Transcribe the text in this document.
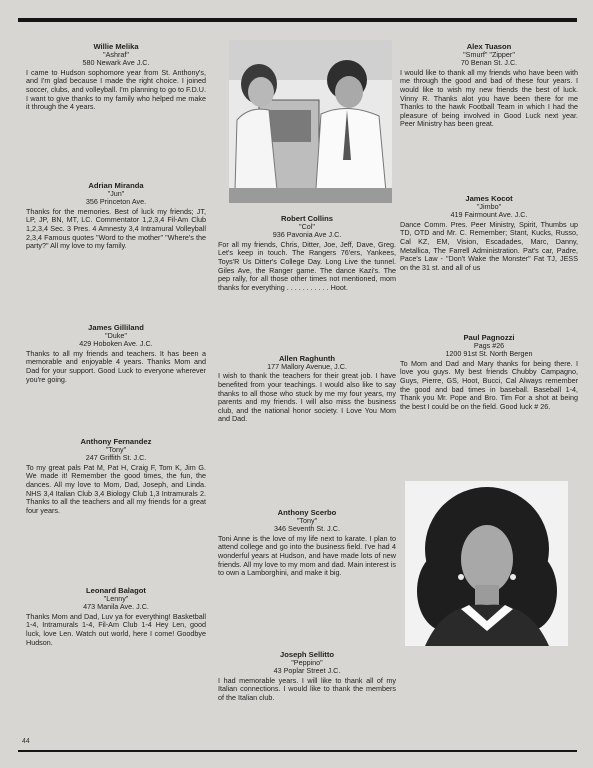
Willie Melika
"Ashraf"
580 Newark Ave J.C.
I came to Hudson sophomore year from St. Anthony's, and I'm glad because I made the right choice. I joined soccer, clubs, and volleyball. I'm planning to go to F.D.U. I want to give thanks to my family who helped me make it through the 4 years.
Adrian Miranda
"Jun"
356 Princeton Ave.
Thanks for the memories. Best of luck my friends; JT, LP, JP, BN, MT, LC. Commentator 1,2,3,4 Fil-Am Club 1,2,3,4 Sec. 3 Pres. 4 Amnesty 3,4 Intramural Volleyball 2,3,4 Famous quotes "Word to the mother" "Where's the party?" All my love to my family.
James Gilliland
"Duke"
429 Hoboken Ave. J.C.
Thanks to all my friends and teachers. It has been a memorable and enjoyable 4 years. Thanks Mom and Dad for your support. Good Luck to everyone wherever you're going.
Anthony Fernandez
"Tony"
247 Griffith St. J.C.
To my great pals Pat M, Pat H, Craig F, Tom K, Jim G. We made it! Remember the good times, the fun, the dances. All my love to Mom, Dad, Joseph, and Linda. NHS 3,4 Italian Club 3,4 Biology Club 1,3 Intramurals 2. Thanks to all the teachers and all my friends for a great four years.
Leonard Balagot
"Lenny"
473 Manila Ave. J.C.
Thanks Mom and Dad, Luv ya for everything! Basketball 1-4, Intramurals 1-4, Fil-Am Club 1-4 Hey Len, good luck, love Len. Watch out world, here I come! Goodbye Hudson.
Robert Collins
"Col"
936 Pavonia Ave J.C.
For all my friends, Chris, Ditter, Joe, Jeff, Dave, Greg. Let's keep in touch. The Rangers 76'ers, Yankees, Toys'R Us Ditter's College Day. Long Live the tunnel. Giles Ave, the Ranger game. The dance Kazi's. The pep rally, for all those other times not mentioned, mom thanks for everything . . . . . . . . . . . Hoot.
Allen Raghunth
177 Mallory Avenue, J.C.
I wish to thank the teachers for their great job. I have benefited from your teachings. I would also like to say thanks to all those who stuck by me my four years, my parents and my friends. I will also miss the business club, and the national honor society. I Love You Mom and Dad.
Anthony Scerbo
"Tony"
346 Seventh St. J.C.
Toni Anne is the love of my life next to karate. I plan to attend college and go into the business field. I've had 4 wonderful years at Hudson, and have made lots of new friends. All my love to my mom and dad. Main interest is to own a Lamborghini, and make it big.
Joseph Sellitto
"Peppino"
43 Poplar Street J.C.
I had memorable years. I will like to thank all of my Italian connections. I would like to thank the members of the Italian club.
Alex Tuason
"Smurf" "Zipper"
70 Benan St. J.C.
I would like to thank all my friends who have been with me through the good and bad of these four years. I would like to wish my new friends the best of luck. Vinny R. Thanks alot you have been there for me Thanks to the hawk Football Team in which I had the pleasure of being involved in Good Luck next year. Peer Ministry has been great.
James Kocot
"Jimbo"
419 Fairmount Ave. J.C.
Dance Comm. Pres. Peer Ministry, Spirit, Thumbs up TD, OTD and Mr. C. Remember; Stant, Kucks, Russo, Cal KZ, EM, Vision, Escadades, Marc, Danny, Metallica, The Farrell Administration. Pat's car, Padre, Pace's Law - "Don't Wake the Monster" Fat TJ, JESS on the 31 st. and all of us
Paul Pagnozzi
Pags #26
1200 91st St. North Bergen
To Mom and Dad and Mary thanks for being there. I love you guys. My best friends Chubby Campagno, Guys, Pierre, GS, Hoot, Bucci, Cal Always remember the good and bad times in baseball. Baseball 1-4, Thank you Mr. Pope and Bro. Tim For a shot at being the best I could be on the field. Good luck # 26.
44
